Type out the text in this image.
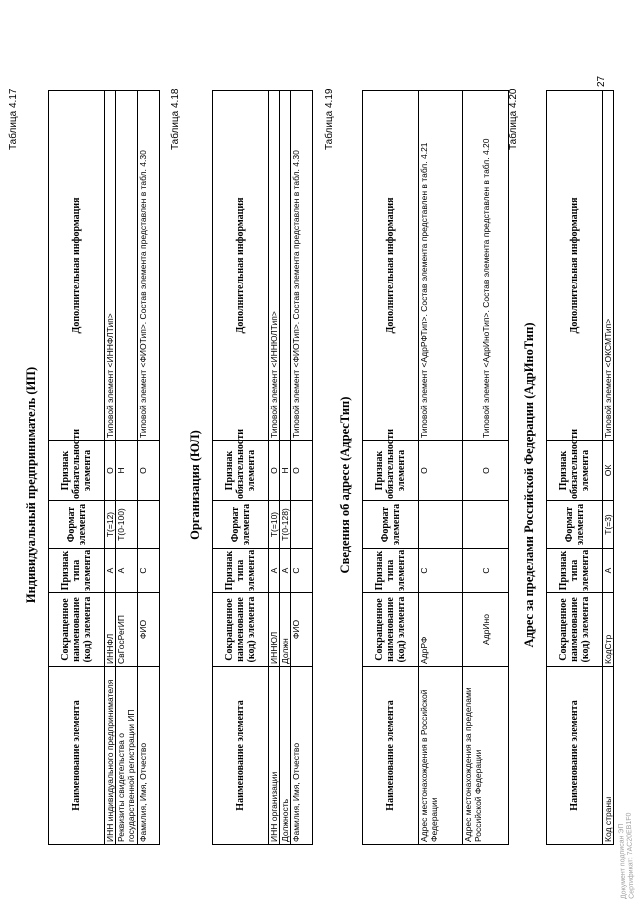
27
Таблица 4.17
Индивидуальный предприниматель (ИП)
Наименование элемента	Сокращенное наименование (код) элемента	Признак типа элемента	Формат элемента	Признак обязательности элемента	Дополнительная информация
ИНН индивидуального предпринимателя	ИННФЛ	А	T(=12)	О	Типовой элемент <ИННФЛТип>
Реквизиты свидетельства о государственной регистрации ИП	СвГосРегИП	А	T(0-100)	Н	
Фамилия, Имя, Отчество	ФИО	С		О	Типовой элемент <ФИОТип>. Состав элемента представлен в табл. 4.30
Таблица 4.18
Организация (ЮЛ)
Наименование элемента	Сокращенное наименование (код) элемента	Признак типа элемента	Формат элемента	Признак обязательности элемента	Дополнительная информация
ИНН организации	ИННЮЛ	А	T(=10)	О	Типовой элемент <ИННЮЛТип>
Должность	Должн	А	T(0-128)	Н	
Фамилия, Имя, Отчество	ФИО	С		О	Типовой элемент <ФИОТип>. Состав элемента представлен в табл. 4.30
Таблица 4.19
Сведения об адресе (АдресТип)
Наименование элемента	Сокращенное наименование (код) элемента	Признак типа элемента	Формат элемента	Признак обязательности элемента	Дополнительная информация
Адрес местонахождения в Российской Федерации	АдрРФ	С		О	Типовой элемент <АдрРФТип>. Состав элемента представлен в табл. 4.21
Адрес местонахождения за пределами Российской Федерации	АдрИно	С		О	Типовой элемент <АдрИноТип>. Состав элемента представлен в табл. 4.20
Таблица 4.20
Адрес за пределами Российской Федерации (АдрИноТип)
Наименование элемента	Сокращенное наименование (код) элемента	Признак типа элемента	Формат элемента	Признак обязательности элемента	Дополнительная информация
Код страны	КодСтр	А	T(=3)	ОК	Типовой элемент <ОКСМТип>
Документ подписан ЭП
Сертификат: 7AC20EB1F0
